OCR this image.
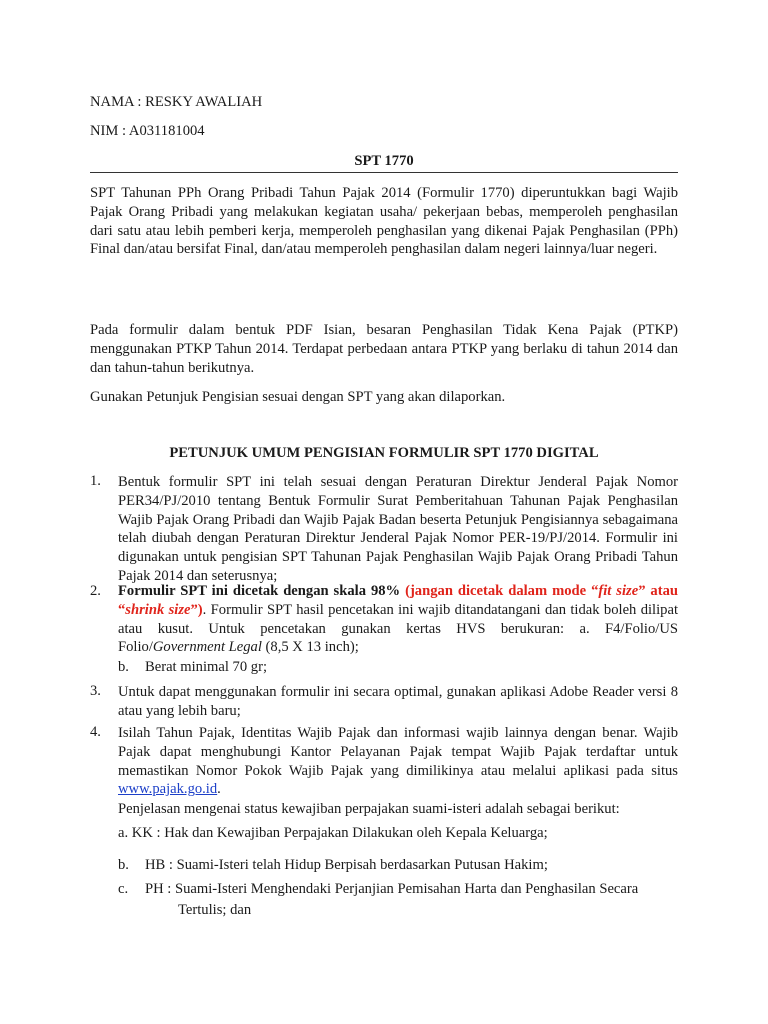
NAMA : RESKY AWALIAH
NIM : A031181004
SPT 1770
SPT Tahunan PPh Orang Pribadi Tahun Pajak 2014 (Formulir 1770) diperuntukkan bagi Wajib Pajak Orang Pribadi yang melakukan kegiatan usaha/ pekerjaan bebas, memperoleh penghasilan dari satu atau lebih pemberi kerja, memperoleh penghasilan yang dikenai Pajak Penghasilan (PPh) Final dan/atau bersifat Final, dan/atau memperoleh penghasilan dalam negeri lainnya/luar negeri.
Pada formulir dalam bentuk PDF Isian, besaran Penghasilan Tidak Kena Pajak (PTKP) menggunakan PTKP Tahun 2014. Terdapat perbedaan antara PTKP yang berlaku di tahun 2014 dan dan tahun-tahun berikutnya.
Gunakan Petunjuk Pengisian sesuai dengan SPT yang akan dilaporkan.
PETUNJUK UMUM PENGISIAN FORMULIR SPT 1770 DIGITAL
1.	Bentuk formulir SPT ini telah sesuai dengan Peraturan Direktur Jenderal Pajak Nomor PER34/PJ/2010 tentang Bentuk Formulir Surat Pemberitahuan Tahunan Pajak Penghasilan Wajib Pajak Orang Pribadi dan Wajib Pajak Badan beserta Petunjuk Pengisiannya sebagaimana telah diubah dengan Peraturan Direktur Jenderal Pajak Nomor PER-19/PJ/2014. Formulir ini digunakan untuk pengisian SPT Tahunan Pajak Penghasilan Wajib Pajak Orang Pribadi Tahun Pajak 2014 dan seterusnya;
2.	Formulir SPT ini dicetak dengan skala 98% (jangan dicetak dalam mode “fit size” atau “shrink size”). Formulir SPT hasil pencetakan ini wajib ditandatangani dan tidak boleh dilipat atau kusut. Untuk pencetakan gunakan kertas HVS berukuran: a. F4/Folio/US Folio/Government Legal (8,5 X 13 inch);
b. Berat minimal 70 gr;
3.	Untuk dapat menggunakan formulir ini secara optimal, gunakan aplikasi Adobe Reader versi 8 atau yang lebih baru;
4.	Isilah Tahun Pajak, Identitas Wajib Pajak dan informasi wajib lainnya dengan benar. Wajib Pajak dapat menghubungi Kantor Pelayanan Pajak tempat Wajib Pajak terdaftar untuk memastikan Nomor Pokok Wajib Pajak yang dimilikinya atau melalui aplikasi pada situs www.pajak.go.id.
Penjelasan mengenai status kewajiban perpajakan suami-isteri adalah sebagai berikut:
a. KK : Hak dan Kewajiban Perpajakan Dilakukan oleh Kepala Keluarga;
b. HB : Suami-Isteri telah Hidup Berpisah berdasarkan Putusan Hakim;
c. PH : Suami-Isteri Menghendaki Perjanjian Pemisahan Harta dan Penghasilan Secara
Tertulis; dan
